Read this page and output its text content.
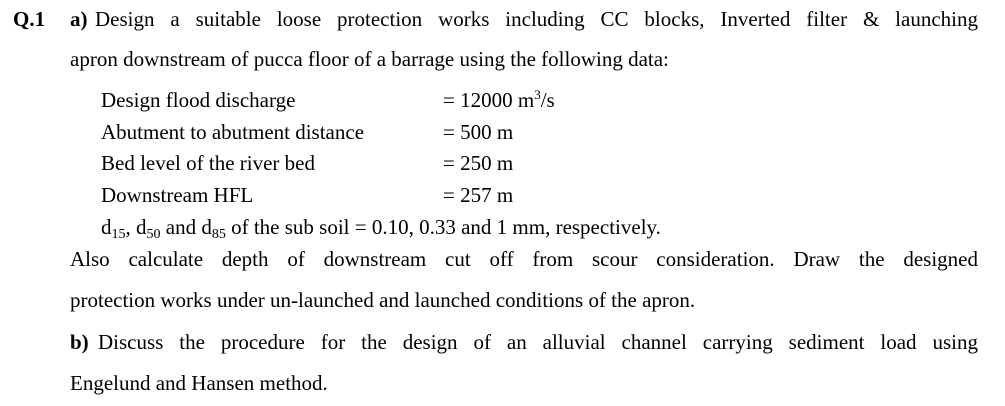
Q.1 a) Design a suitable loose protection works including CC blocks, Inverted filter & launching
apron downstream of pucca floor of a barrage using the following data:
Design flood discharge	= 12000 $m^3/s$
Abutment to abutment distance	= 500 m
Bed level of the river bed	= 250 m
Downstream HFL	= 257 m
$d_{15}$, $d_{50}$ and $d_{85}$ of the sub soil = 0.10, 0.33 and 1 mm, respectively.
Also calculate depth of downstream cut off from scour consideration. Draw the designed
protection works under un-launched and launched conditions of the apron.
b) Discuss the procedure for the design of an alluvial channel carrying sediment load using
Engelund and Hansen method.
